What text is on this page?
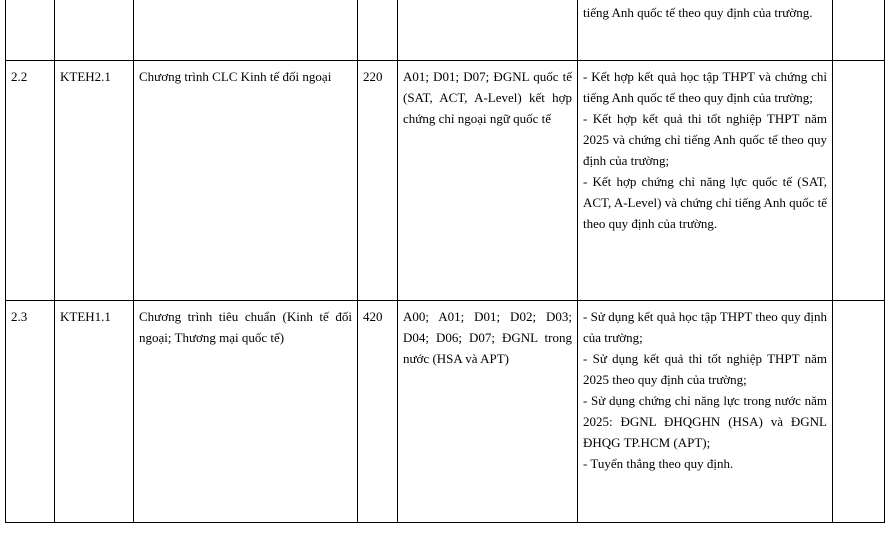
					tiếng Anh quốc tế theo quy định của trường.	

2.2	KTEH2.1	Chương trình CLC Kinh tế đối ngoại	220	A01; D01; D07; ĐGNL quốc tế (SAT, ACT, A-Level) kết hợp chứng chỉ ngoại ngữ quốc tế	- Kết hợp kết quả học tập THPT và chứng chỉ tiếng Anh quốc tế theo quy định của trường;
- Kết hợp kết quả thi tốt nghiệp THPT năm 2025 và chứng chỉ tiếng Anh quốc tế theo quy định của trường;
- Kết hợp chứng chỉ năng lực quốc tế (SAT, ACT, A-Level) và chứng chỉ tiếng Anh quốc tế theo quy định của trường.	

2.3	KTEH1.1	Chương trình tiêu chuẩn (Kinh tế đối ngoại; Thương mại quốc tế)	420	A00; A01; D01; D02; D03; D04; D06; D07; ĐGNL trong nước (HSA và APT)	- Sử dụng kết quả học tập THPT theo quy định của trường;
- Sử dụng kết quả thi tốt nghiệp THPT năm 2025 theo quy định của trường;
- Sử dụng chứng chỉ năng lực trong nước năm 2025: ĐGNL ĐHQGHN (HSA) và ĐGNL ĐHQG TP.HCM (APT);
- Tuyển thẳng theo quy định.	
